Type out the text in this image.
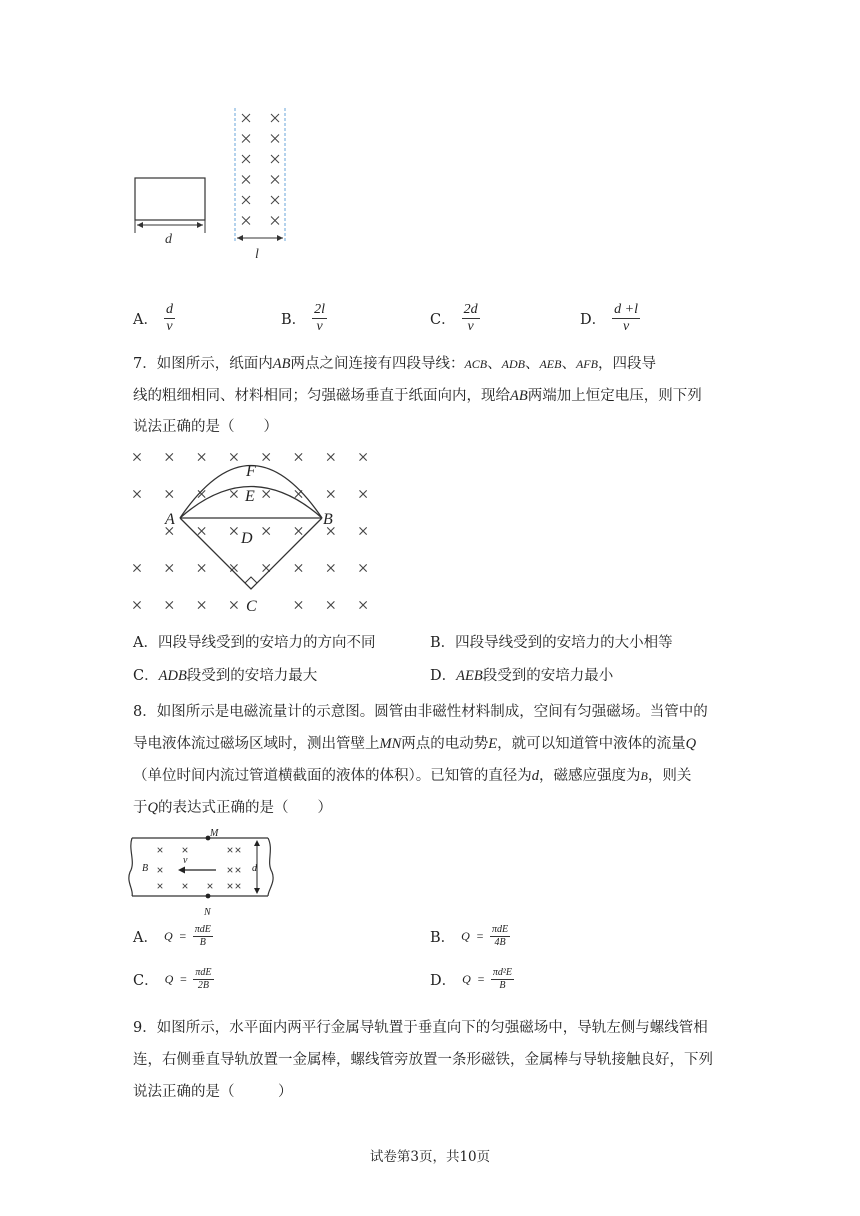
d
l
A． $\frac{d}{v}$	B． $\frac{2l}{v}$	C． $\frac{2d}{v}$	D． $\frac{d +l}{v}$
7．如图所示，纸面内AB两点之间连接有四段导线：ACB、ADB、AEB、AFB，四段导
线的粗细相同、材料相同；匀强磁场垂直于纸面向内，现给AB两端加上恒定电压，则下列
说法正确的是（　　）
A	B
C
D
E
F
A．四段导线受到的安培力的方向不同	B．四段导线受到的安培力的大小相等
C．ADB段受到的安培力最大	D．AEB段受到的安培力最小
8．如图所示是电磁流量计的示意图。圆管由非磁性材料制成，空间有匀强磁场。当管中的
导电液体流过磁场区域时，测出管壁上MN两点的电动势E，就可以知道管中液体的流量Q
（单位时间内流过管道横截面的液体的体积）。已知管的直径为d，磁感应强度为B，则关
于Q的表达式正确的是（　　）
M
N
B
v
d
A． $Q = \frac{\text{πdE}}{B}$	B． $Q = \frac{\text{πdE}}{4B}$
C． $Q = \frac{\text{πdE}}{2B}$	D． $Q = \frac{\text{πd²E}}{B}$
9．如图所示，水平面内两平行金属导轨置于垂直向下的匀强磁场中，导轨左侧与螺线管相
连，右侧垂直导轨放置一金属棒，螺线管旁放置一条形磁铁，金属棒与导轨接触良好，下列
说法正确的是（　　　）
试卷第3页，共10页
